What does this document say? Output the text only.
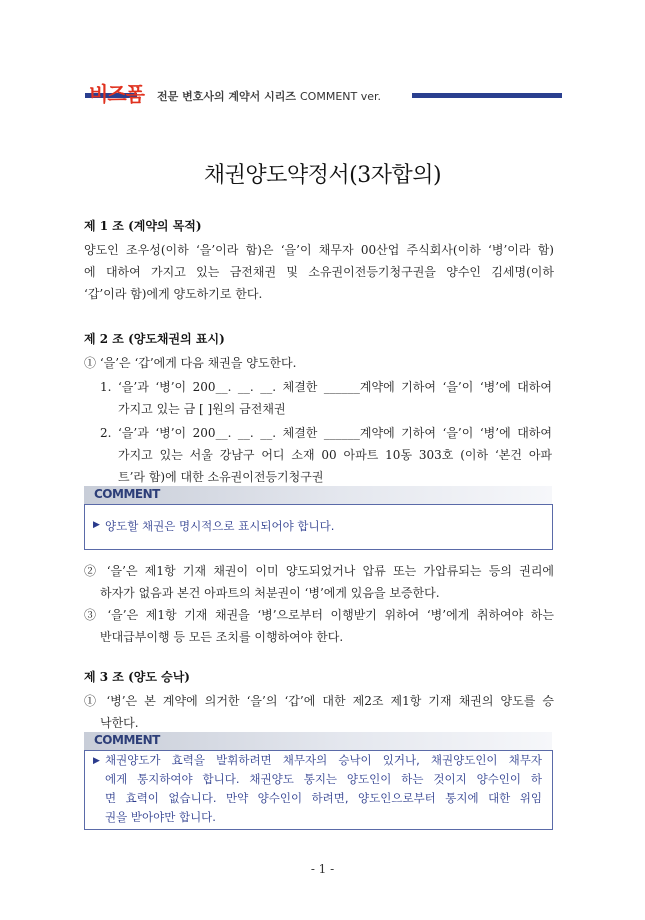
비즈폼 전문 변호사의 계약서 시리즈 COMMENT ver.
채권양도약정서(3자합의)
제 1 조 (계약의 목적)
양도인 조우성(이하 ‘을’이라 함)은 ‘을’이 채무자 00산업 주식회사(이하 ‘병’이라 함)
에 대하여 가지고 있는 금전채권 및 소유권이전등기청구권을 양수인 김세명(이하
‘갑’이라 함)에게 양도하기로 한다.
제 2 조 (양도채권의 표시)
① ‘을’은 ‘갑’에게 다음 채권을 양도한다.
1. ‘을’과 ‘병’이 200__. __. __. 체결한 ______계약에 기하여 ‘을’이 ‘병’에 대하여
가지고 있는 금 [ ]원의 금전채권
2. ‘을’과 ‘병’이 200__. __. __. 체결한 ______계약에 기하여 ‘을’이 ‘병’에 대하여
가지고 있는 서울 강남구 어디 소재 00 아파트 10동 303호 (이하 ‘본건 아파
트’라 함)에 대한 소유권이전등기청구권
COMMENT
▶ 양도할 채권은 명시적으로 표시되어야 합니다.
② ‘을’은 제1항 기재 채권이 이미 양도되었거나 압류 또는 가압류되는 등의 권리에
하자가 없음과 본건 아파트의 처분권이 ‘병’에게 있음을 보증한다.
③ ‘을’은 제1항 기재 채권을 ‘병’으로부터 이행받기 위하여 ‘병’에게 취하여야 하는
반대급부이행 등 모든 조치를 이행하여야 한다.
제 3 조 (양도 승낙)
① ‘병’은 본 계약에 의거한 ‘을’의 ‘갑’에 대한 제2조 제1항 기재 채권의 양도를 승
낙한다.
COMMENT
▶ 채권양도가 효력을 발휘하려면 채무자의 승낙이 있거나, 채권양도인이 채무자
에게 통지하여야 합니다. 채권양도 통지는 양도인이 하는 것이지 양수인이 하
면 효력이 없습니다. 만약 양수인이 하려면, 양도인으로부터 통지에 대한 위임
권을 받아야만 합니다.
- 1 -
